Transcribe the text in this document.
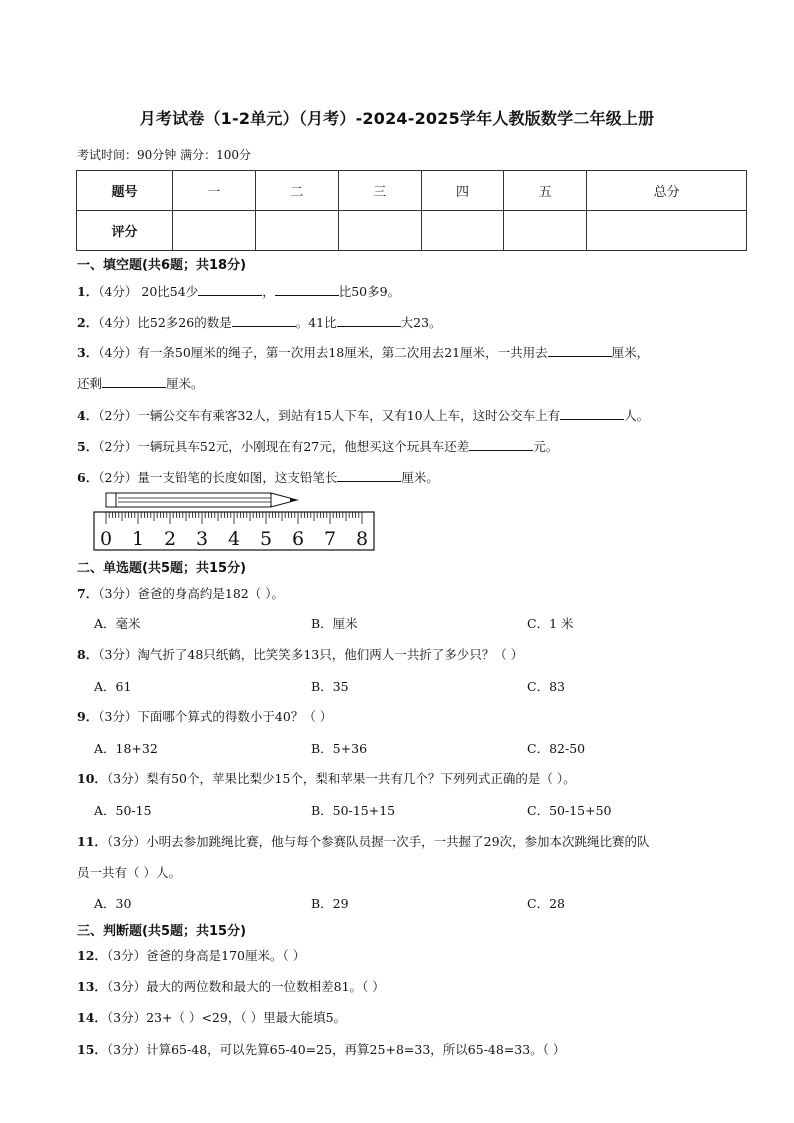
月考试卷（1-2单元）（月考）-2024-2025学年人教版数学二年级上册
考试时间：90分钟 满分：100分
题号	一	二	三	四	五	总分
评分						
一、填空题(共6题；共18分)
1．（4分） 20比54少	，	比50多9。
2．（4分）比52多26的数是	。41比	大23。
3．（4分）有一条50厘米的绳子，第一次用去18厘米，第二次用去21厘米，一共用去	厘米，
还剩	厘米。
4．（2分）一辆公交车有乘客32人，到站有15人下车，又有10人上车，这时公交车上有	人。
5．（2分）一辆玩具车52元，小刚现在有27元，他想买这个玩具车还差	元。
6．（2分）量一支铅笔的长度如图，这支铅笔长	厘米。
0 1 2 3 4 5 6 7 8
二、单选题(共5题；共15分)
7．（3分）爸爸的身高约是182（ ）。
A．毫米	B．厘米	C．1 米
8．（3分）淘气折了48只纸鹤，比笑笑多13只，他们两人一共折了多少只？（ ）
A．61	B．35	C．83
9．（3分）下面哪个算式的得数小于40？（ ）
A．18+32	B．5+36	C．82-50
10．（3分）梨有50个，苹果比梨少15个，梨和苹果一共有几个？下列列式正确的是（ ）。
A．50-15	B．50-15+15	C．50-15+50
11．（3分）小明去参加跳绳比赛，他与每个参赛队员握一次手，一共握了29次，参加本次跳绳比赛的队
员一共有（ ）人。
A．30	B．29	C．28
三、判断题(共5题；共15分)
12．（3分）爸爸的身高是170厘米。（ ）
13．（3分）最大的两位数和最大的一位数相差81。（ ）
14．（3分）23+（ ）<29，（ ）里最大能填5。
15．（3分）计算65-48，可以先算65-40=25，再算25+8=33，所以65-48=33。（ ）
